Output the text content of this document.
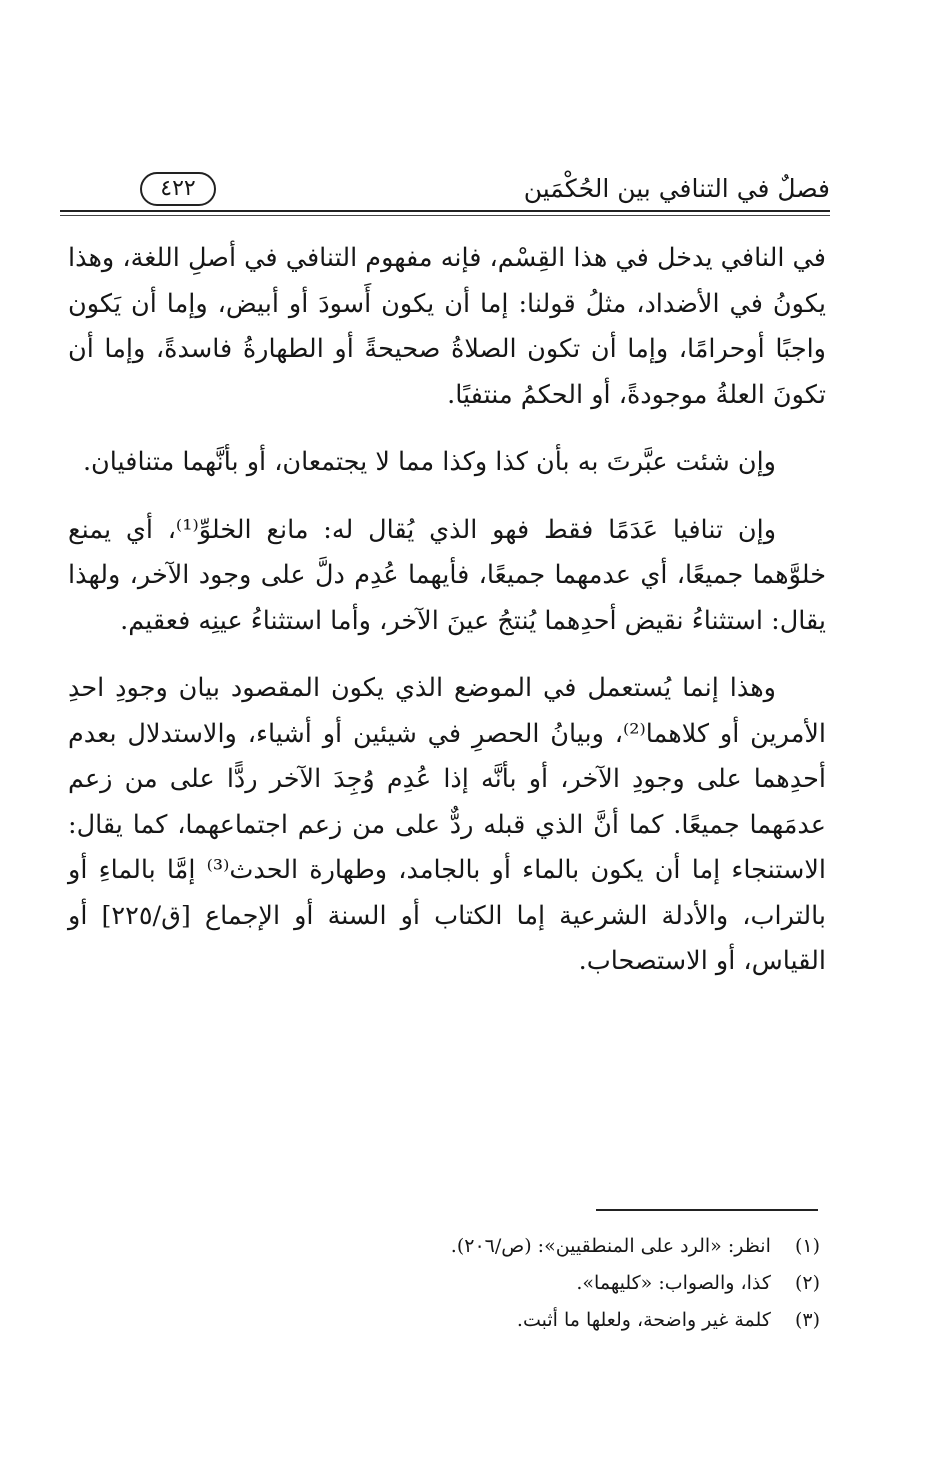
فصلٌ في التنافي بين الحُكْمَين
٤٢٢

في النافي يدخل في هذا القِسْم، فإنه مفهوم التنافي في أصلِ اللغة، وهذا يكونُ في الأضداد، مثلُ قولنا: إما أن يكون أَسودَ أو أبيض، وإما أن يَكون واجبًا أوحرامًا، وإما أن تكون الصلاةُ صحيحةً أو الطهارةُ فاسدةً، وإما أن تكونَ العلةُ موجودةً، أو الحكمُ منتفيًا.

وإن شئت عبَّرتَ به بأن كذا وكذا مما لا يجتمعان، أو بأنَّهما متنافيان.

وإن تنافيا عَدَمًا فقط فهو الذي يُقال له: مانع الخلوِّ⁽¹⁾، أي يمنع خلوَّهما جميعًا، أي عدمهما جميعًا، فأيهما عُدِم دلَّ على وجود الآخر، ولهذا يقال: استثناءُ نقيض أحدِهما يُنتجُ عينَ الآخر، وأما استثناءُ عينِه فعقيم.

وهذا إنما يُستعمل في الموضع الذي يكون المقصود بيان وجودِ احدِ الأمرين أو كلاهما⁽²⁾، وبيانُ الحصرِ في شيئين أو أشياء، والاستدلال بعدم أحدِهما على وجودِ الآخر، أو بأنَّه إذا عُدِم وُجِدَ الآخر ردًّا على من زعم عدمَهما جميعًا. كما أنَّ الذي قبله ردٌّ على من زعم اجتماعهما، كما يقال: الاستنجاء إما أن يكون بالماء أو بالجامد، وطهارة الحدث⁽³⁾ إمَّا بالماءِ أو بالتراب، والأدلة الشرعية إما الكتاب أو السنة أو الإجماع [ق/٢٢٥] أو القياس، أو الاستصحاب.

(١) انظر: «الرد على المنطقيين»: (ص/٢٠٦).
(٢) كذا، والصواب: «كليهما».
(٣) كلمة غير واضحة، ولعلها ما أثبت.
